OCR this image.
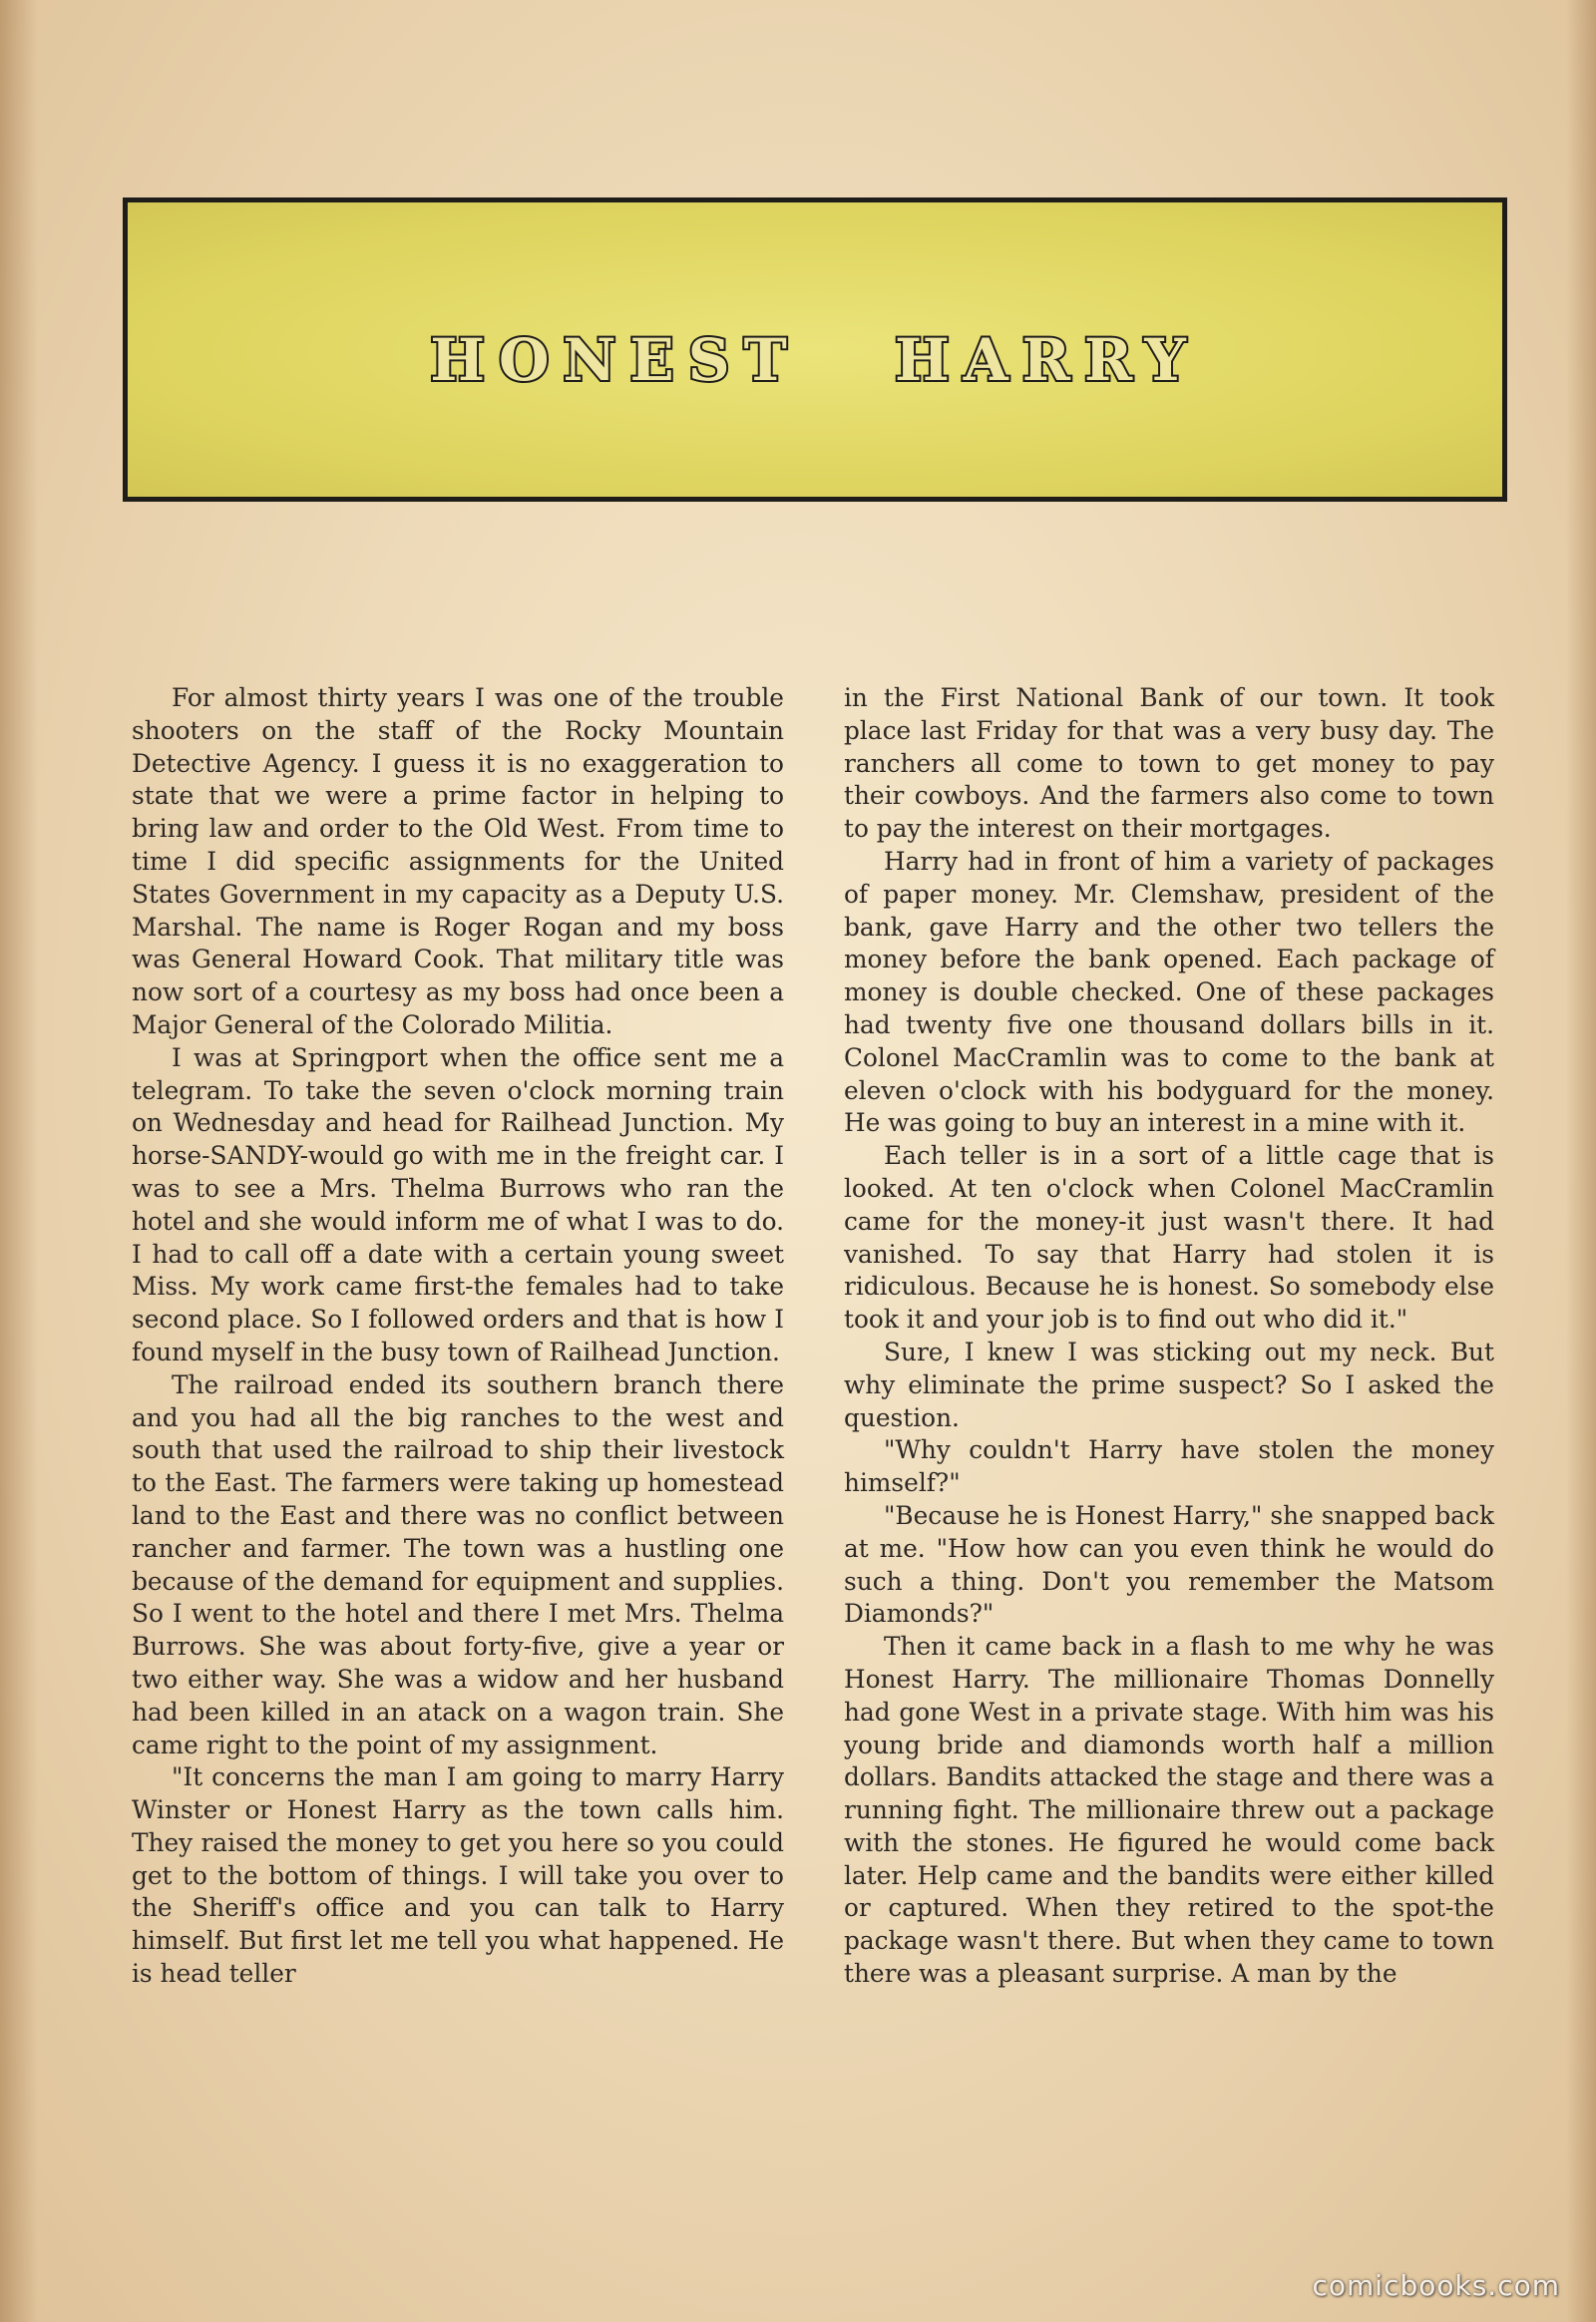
HONEST HARRY

For almost thirty years I was one of the trouble shooters on the staff of the Rocky Mountain Detective Agency. I guess it is no exaggeration to state that we were a prime factor in helping to bring law and order to the Old West. From time to time I did specific assignments for the United States Government in my capacity as a Deputy U.S. Marshal. The name is Roger Rogan and my boss was General Howard Cook. That military title was now sort of a courtesy as my boss had once been a Major General of the Colorado Militia.

I was at Springport when the office sent me a telegram. To take the seven o'clock morning train on Wednesday and head for Railhead Junction. My horse-SANDY-would go with me in the freight car. I was to see a Mrs. Thelma Burrows who ran the hotel and she would inform me of what I was to do. I had to call off a date with a certain young sweet Miss. My work came first-the females had to take second place. So I followed orders and that is how I found myself in the busy town of Railhead Junction.

The railroad ended its southern branch there and you had all the big ranches to the west and south that used the railroad to ship their livestock to the East. The farmers were taking up homestead land to the East and there was no conflict between rancher and farmer. The town was a hustling one because of the demand for equipment and supplies. So I went to the hotel and there I met Mrs. Thelma Burrows. She was about forty-five, give a year or two either way. She was a widow and her husband had been killed in an atack on a wagon train. She came right to the point of my assignment.

"It concerns the man I am going to marry Harry Winster or Honest Harry as the town calls him. They raised the money to get you here so you could get to the bottom of things. I will take you over to the Sheriff's office and you can talk to Harry himself. But first let me tell you what happened. He is head teller

in the First National Bank of our town. It took place last Friday for that was a very busy day. The ranchers all come to town to get money to pay their cowboys. And the farmers also come to town to pay the interest on their mortgages.

Harry had in front of him a variety of packages of paper money. Mr. Clemshaw, president of the bank, gave Harry and the other two tellers the money before the bank opened. Each package of money is double checked. One of these packages had twenty five one thousand dollars bills in it. Colonel MacCramlin was to come to the bank at eleven o'clock with his bodyguard for the money. He was going to buy an interest in a mine with it.

Each teller is in a sort of a little cage that is looked. At ten o'clock when Colonel MacCramlin came for the money-it just wasn't there. It had vanished. To say that Harry had stolen it is ridiculous. Because he is honest. So somebody else took it and your job is to find out who did it."

Sure, I knew I was sticking out my neck. But why eliminate the prime suspect? So I asked the question.

"Why couldn't Harry have stolen the money himself?"

"Because he is Honest Harry," she snapped back at me. "How how can you even think he would do such a thing. Don't you remember the Matsom Diamonds?"

Then it came back in a flash to me why he was Honest Harry. The millionaire Thomas Donnelly had gone West in a private stage. With him was his young bride and diamonds worth half a million dollars. Bandits attacked the stage and there was a running fight. The millionaire threw out a package with the stones. He figured he would come back later. Help came and the bandits were either killed or captured. When they retired to the spot-the package wasn't there. But when they came to town there was a pleasant surprise. A man by the

comicbooks.com
